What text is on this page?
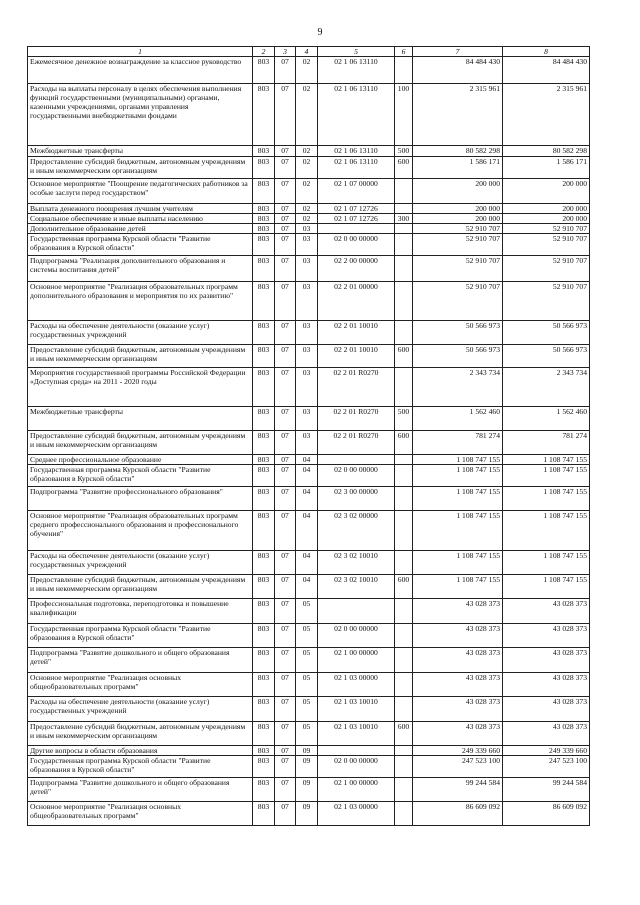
9
1	2	3	4	5	6	7	8
Ежемесячное денежное вознаграждение за классное руководство	803	07	02	02 1 06 13110		84 484 430	84 484 430
Расходы на выплаты персоналу в целях обеспечения выполнения функций государственными (муниципальными) органами, казенными учреждениями, органами управления государственными внебюджетными фондами	803	07	02	02 1 06 13110	100	2 315 961	2 315 961
Межбюджетные трансферты	803	07	02	02 1 06 13110	500	80 582 298	80 582 298
Предоставление субсидий бюджетным, автономным учреждениям и иным некоммерческим организациям	803	07	02	02 1 06 13110	600	1 586 171	1 586 171
Основное мероприятие "Поощрение педагогических работников за особые заслуги перед государством"	803	07	02	02 1 07 00000		200 000	200 000
Выплата денежного поощрения лучшим учителям	803	07	02	02 1 07 12726		200 000	200 000
Социальное обеспечение и иные выплаты населению	803	07	02	02 1 07 12726	300	200 000	200 000
Дополнительное образование детей	803	07	03			52 910 707	52 910 707
Государственная программа Курской области "Развитие образования в Курской области"	803	07	03	02 0 00 00000		52 910 707	52 910 707
Подпрограмма "Реализация дополнительного образования и системы воспитания детей"	803	07	03	02 2 00 00000		52 910 707	52 910 707
Основное мероприятие "Реализация образовательных программ дополнительного образования и мероприятия по их развитию"	803	07	03	02 2 01 00000		52 910 707	52 910 707
Расходы на обеспечение деятельности (оказание услуг) государственных учреждений	803	07	03	02 2 01 10010		50 566 973	50 566 973
Предоставление субсидий бюджетным, автономным учреждениям и иным некоммерческим организациям	803	07	03	02 2 01 10010	600	50 566 973	50 566 973
Мероприятия государственной программы Российской Федерации «Доступная среда» на 2011 - 2020 годы	803	07	03	02 2 01 R0270		2 343 734	2 343 734
Межбюджетные трансферты	803	07	03	02 2 01 R0270	500	1 562 460	1 562 460
Предоставление субсидий бюджетным, автономным учреждениям и иным некоммерческим организациям	803	07	03	02 2 01 R0270	600	781 274	781 274
Среднее профессиональное образование	803	07	04			1 108 747 155	1 108 747 155
Государственная программа Курской области "Развитие образования в Курской области"	803	07	04	02 0 00 00000		1 108 747 155	1 108 747 155
Подпрограмма "Развитие профессионального образования"	803	07	04	02 3 00 00000		1 108 747 155	1 108 747 155
Основное мероприятие "Реализация образовательных программ среднего профессионального образования и профессионального обучения"	803	07	04	02 3 02 00000		1 108 747 155	1 108 747 155
Расходы на обеспечение деятельности (оказание услуг) государственных учреждений	803	07	04	02 3 02 10010		1 108 747 155	1 108 747 155
Предоставление субсидий бюджетным, автономным учреждениям и иным некоммерческим организациям	803	07	04	02 3 02 10010	600	1 108 747 155	1 108 747 155
Профессиональная подготовка, переподготовка и повышение квалификации	803	07	05			43 028 373	43 028 373
Государственная программа Курской области "Развитие образования в Курской области"	803	07	05	02 0 00 00000		43 028 373	43 028 373
Подпрограмма "Развитие дошкольного и общего образования детей"	803	07	05	02 1 00 00000		43 028 373	43 028 373
Основное мероприятие "Реализация основных общеобразовательных программ"	803	07	05	02 1 03 00000		43 028 373	43 028 373
Расходы на обеспечение деятельности (оказание услуг) государственных учреждений	803	07	05	02 1 03 10010		43 028 373	43 028 373
Предоставление субсидий бюджетным, автономным учреждениям и иным некоммерческим организациям	803	07	05	02 1 03 10010	600	43 028 373	43 028 373
Другие вопросы в области образования	803	07	09			249 339 660	249 339 660
Государственная программа Курской области "Развитие образования в Курской области"	803	07	09	02 0 00 00000		247 523 100	247 523 100
Подпрограмма "Развитие дошкольного и общего образования детей"	803	07	09	02 1 00 00000		99 244 584	99 244 584
Основное мероприятие "Реализация основных общеобразовательных программ"	803	07	09	02 1 03 00000		86 609 092	86 609 092
